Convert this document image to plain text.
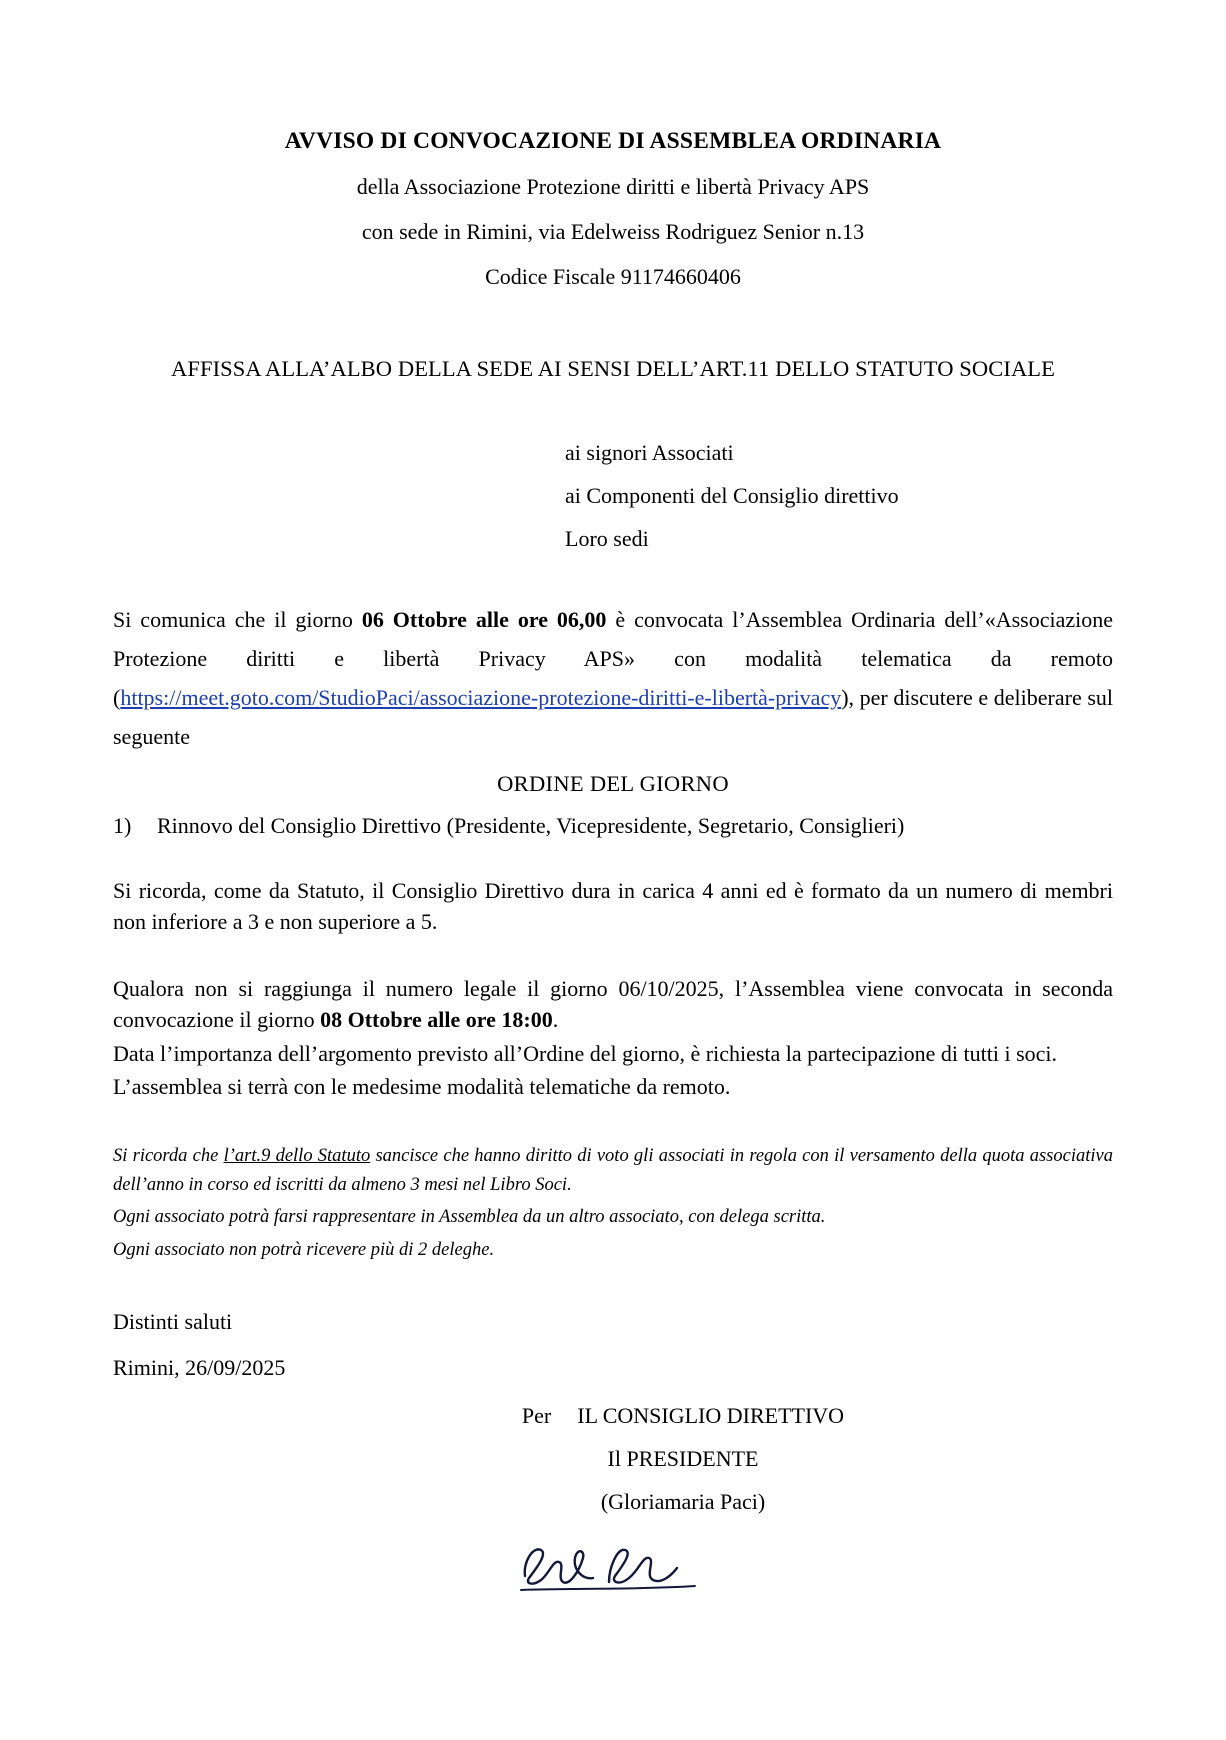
AVVISO DI CONVOCAZIONE DI ASSEMBLEA ORDINARIA
della Associazione Protezione diritti e libertà Privacy APS
con sede in Rimini, via Edelweiss Rodriguez Senior n.13
Codice Fiscale 91174660406
AFFISSA ALLA’ALBO DELLA SEDE AI SENSI DELL’ART.11 DELLO STATUTO SOCIALE
ai signori Associati
ai Componenti del Consiglio direttivo
Loro sedi
Si comunica che il giorno 06 Ottobre alle ore 06,00 è convocata l’Assemblea Ordinaria dell’«Associazione Protezione diritti e libertà Privacy APS» con modalità telematica da remoto (https://meet.goto.com/StudioPaci/associazione-protezione-diritti-e-libertà-privacy), per discutere e deliberare sul seguente
ORDINE DEL GIORNO
1)	Rinnovo del Consiglio Direttivo (Presidente, Vicepresidente, Segretario, Consiglieri)
Si ricorda, come da Statuto, il Consiglio Direttivo dura in carica 4 anni ed è formato da un numero di membri non inferiore a 3 e non superiore a 5.
Qualora non si raggiunga il numero legale il giorno 06/10/2025, l’Assemblea viene convocata in seconda convocazione il giorno 08 Ottobre alle ore 18:00.
Data l’importanza dell’argomento previsto all’Ordine del giorno, è richiesta la partecipazione di tutti i soci.
L’assemblea si terrà con le medesime modalità telematiche da remoto.

Si ricorda che l’art.9 dello Statuto sancisce che hanno diritto di voto gli associati in regola con il versamento della quota associativa dell’anno in corso ed iscritti da almeno 3 mesi nel Libro Soci.

Ogni associato potrà farsi rappresentare in Assemblea da un altro associato, con delega scritta.

Ogni associato non potrà ricevere più di 2 deleghe.

Distinti saluti
Rimini, 26/09/2025
Per IL CONSIGLIO DIRETTIVO
Il PRESIDENTE
(Gloriamaria Paci)
